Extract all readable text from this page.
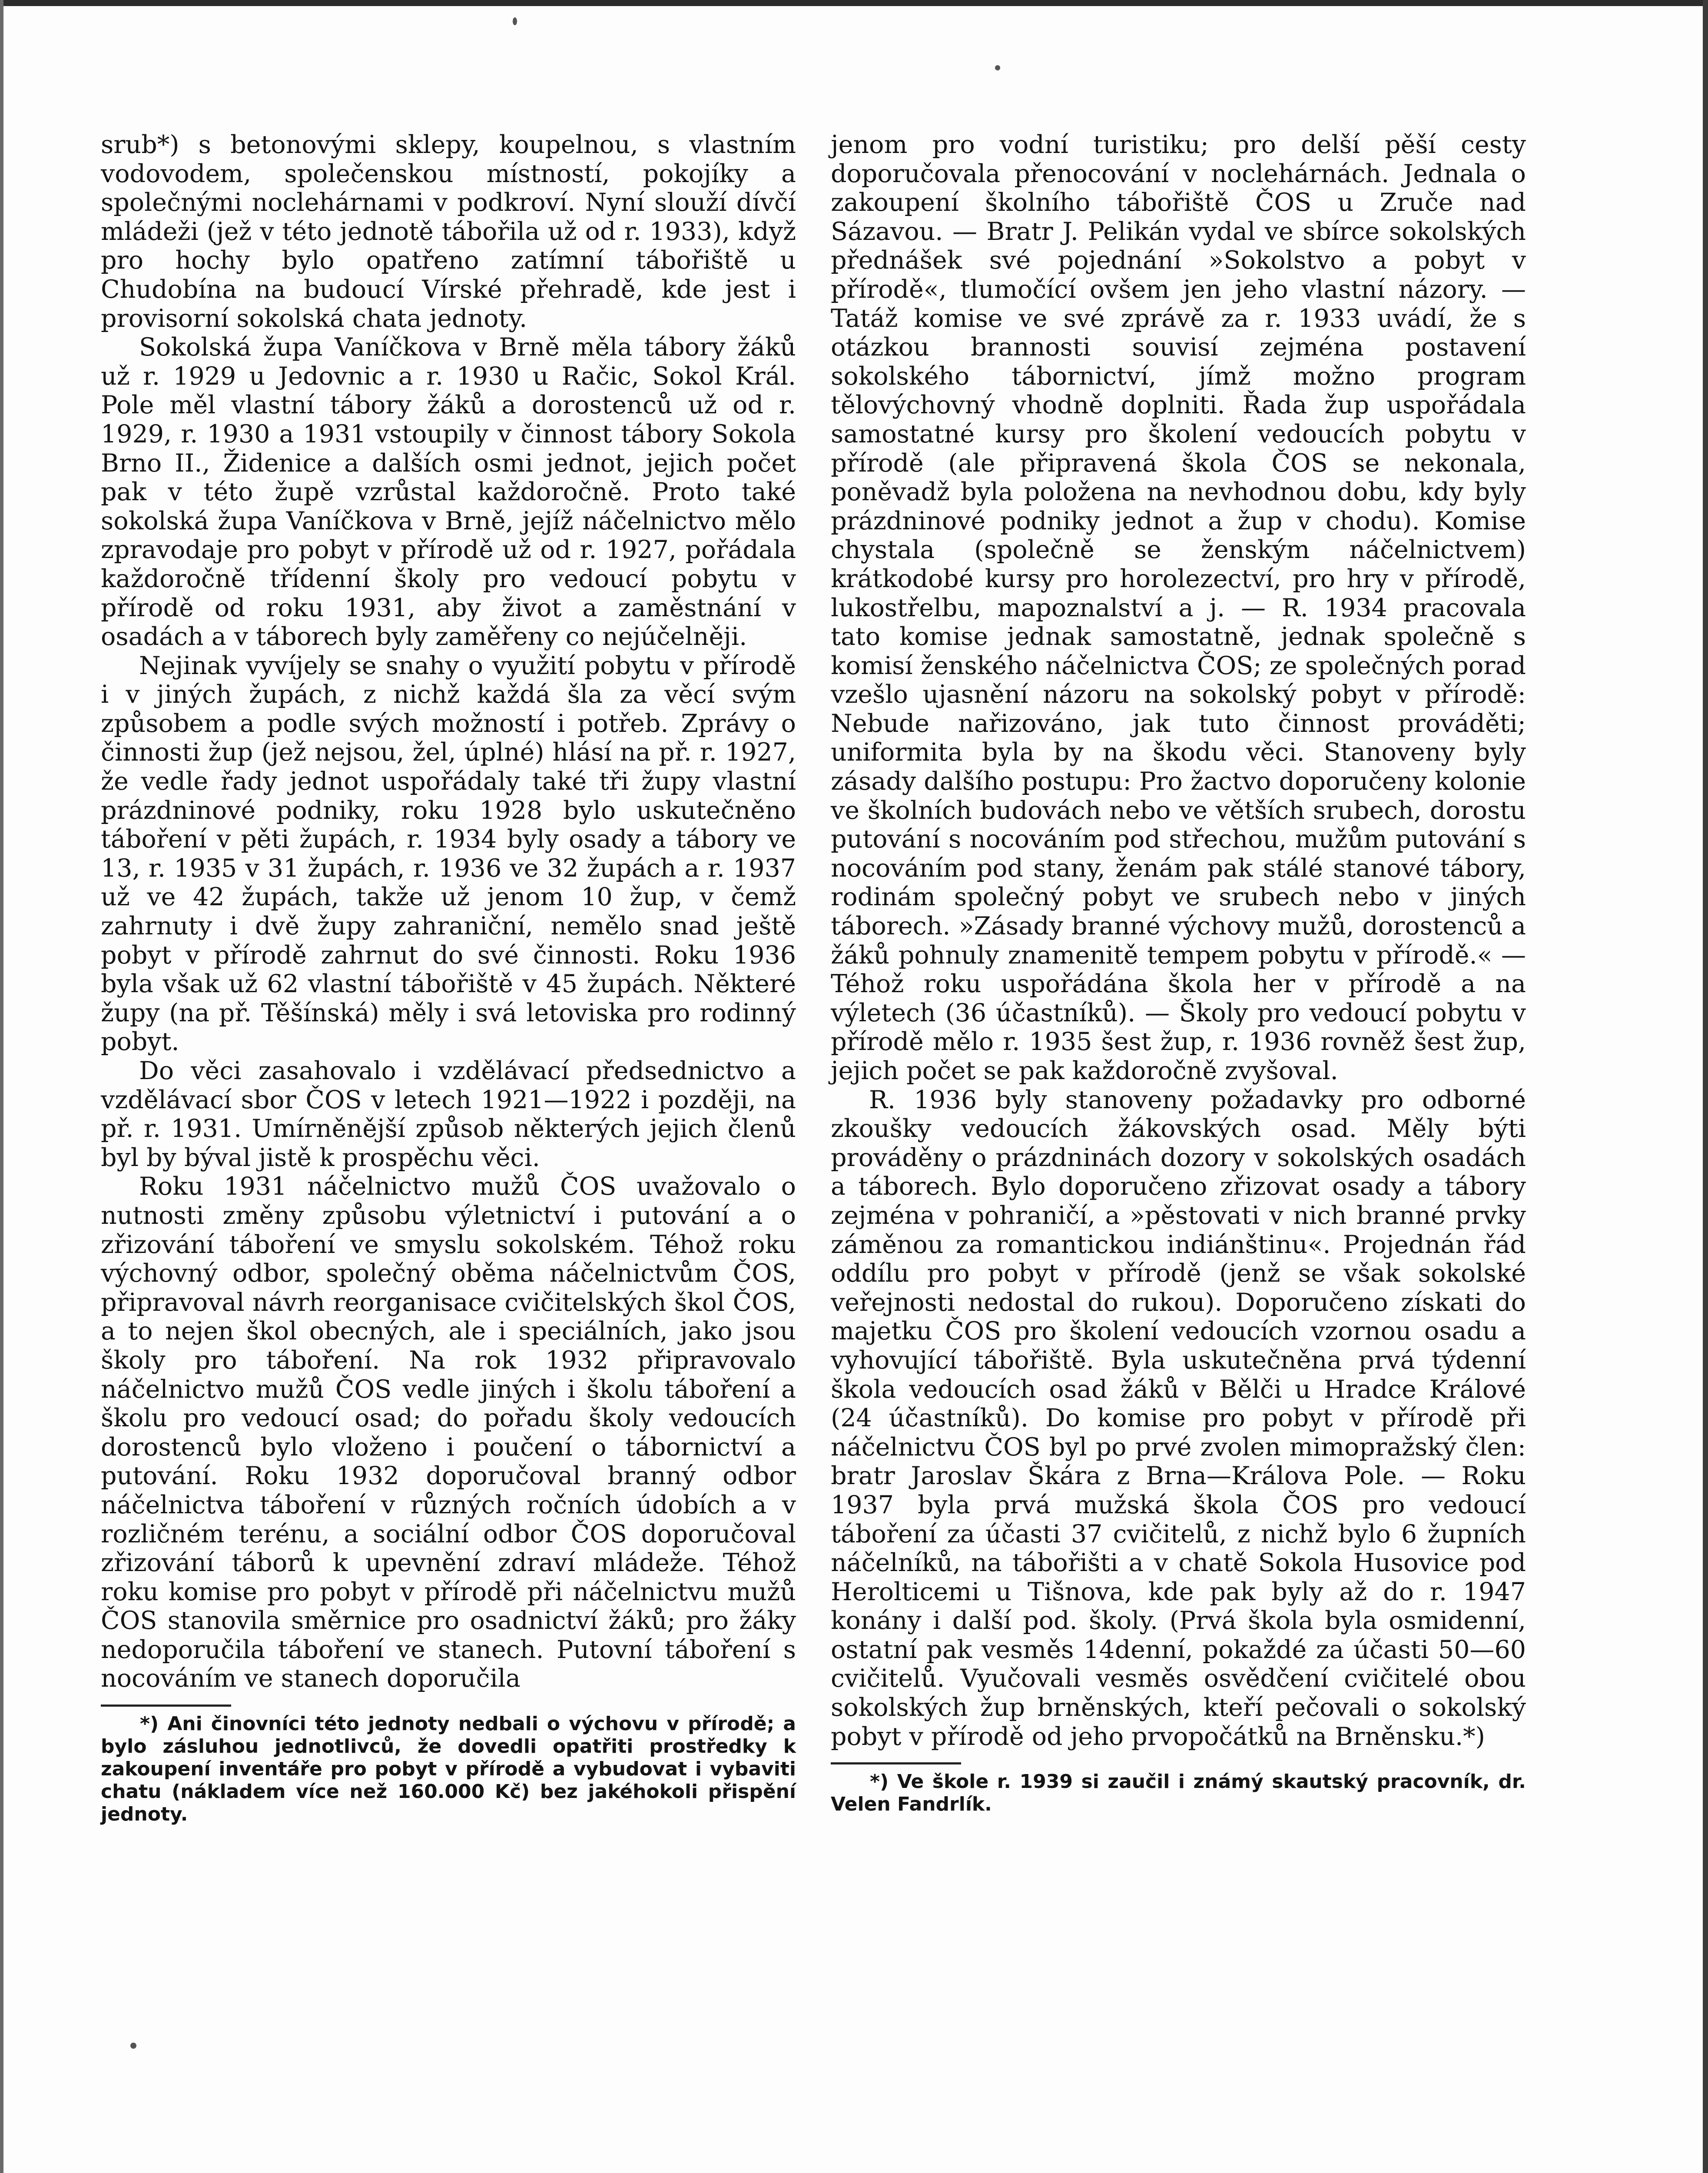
srub*) s betonovými sklepy, koupelnou, s vlastním vodovodem, společenskou místností, pokojíky a společnými noclehárnami v podkroví. Nyní slouží dívčí mládeži (jež v této jednotě tábořila už od r. 1933), když pro hochy bylo opatřeno zatímní tábořiště u Chudobína na budoucí Vírské přehradě, kde jest i provisorní sokolská chata jednoty.

Sokolská župa Vaníčkova v Brně měla tábory žáků už r. 1929 u Jedovnic a r. 1930 u Račic, Sokol Král. Pole měl vlastní tábory žáků a dorostenců už od r. 1929, r. 1930 a 1931 vstoupily v činnost tábory Sokola Brno II., Židenice a dalších osmi jednot, jejich počet pak v této župě vzrůstal každoročně. Proto také sokolská župa Vaníčkova v Brně, jejíž náčelnictvo mělo zpravodaje pro pobyt v přírodě už od r. 1927, pořádala každoročně třídenní školy pro vedoucí pobytu v přírodě od roku 1931, aby život a zaměstnání v osadách a v táborech byly zaměřeny co nejúčelněji.

Nejinak vyvíjely se snahy o využití pobytu v přírodě i v jiných župách, z nichž každá šla za věcí svým způsobem a podle svých možností i potřeb. Zprávy o činnosti žup (jež nejsou, žel, úplné) hlásí na př. r. 1927, že vedle řady jednot uspořádaly také tři župy vlastní prázdninové podniky, roku 1928 bylo uskutečněno táboření v pěti župách, r. 1934 byly osady a tábory ve 13, r. 1935 v 31 župách, r. 1936 ve 32 župách a r. 1937 už ve 42 župách, takže už jenom 10 žup, v čemž zahrnuty i dvě župy zahraniční, nemělo snad ještě pobyt v přírodě zahrnut do své činnosti. Roku 1936 byla však už 62 vlastní tábořiště v 45 župách. Některé župy (na př. Těšínská) měly i svá letoviska pro rodinný pobyt.

Do věci zasahovalo i vzdělávací předsednictvo a vzdělávací sbor ČOS v letech 1921—1922 i později, na př. r. 1931. Umírněnější způsob některých jejich členů byl by býval jistě k prospěchu věci.

Roku 1931 náčelnictvo mužů ČOS uvažovalo o nutnosti změny způsobu výletnictví i putování a o zřizování táboření ve smyslu sokolském. Téhož roku výchovný odbor, společný oběma náčelnictvům ČOS, připravoval návrh reorganisace cvičitelských škol ČOS, a to nejen škol obecných, ale i speciálních, jako jsou školy pro táboření. Na rok 1932 připravovalo náčelnictvo mužů ČOS vedle jiných i školu táboření a školu pro vedoucí osad; do pořadu školy vedoucích dorostenců bylo vloženo i poučení o tábornictví a putování. Roku 1932 doporučoval branný odbor náčelnictva táboření v různých ročních údobích a v rozličném terénu, a sociální odbor ČOS doporučoval zřizování táborů k upevnění zdraví mládeže. Téhož roku komise pro pobyt v přírodě při náčelnictvu mužů ČOS stanovila směrnice pro osadnictví žáků; pro žáky nedoporučila táboření ve stanech. Putovní táboření s nocováním ve stanech doporučila

*) Ani činovníci této jednoty nedbali o výchovu v přírodě; a bylo zásluhou jednotlivců, že dovedli opatřiti prostředky k zakoupení inventáře pro pobyt v přírodě a vybudovat i vybaviti chatu (nákladem více než 160.000 Kč) bez jakéhokoli přispění jednoty.

jenom pro vodní turistiku; pro delší pěší cesty doporučovala přenocování v noclehárnách. Jednala o zakoupení školního tábořiště ČOS u Zruče nad Sázavou. — Bratr J. Pelikán vydal ve sbírce sokolských přednášek své pojednání »Sokolstvo a pobyt v přírodě«, tlumočící ovšem jen jeho vlastní názory. — Tatáž komise ve své zprávě za r. 1933 uvádí, že s otázkou brannosti souvisí zejména postavení sokolského tábornictví, jímž možno program tělovýchovný vhodně doplniti. Řada žup uspořádala samostatné kursy pro školení vedoucích pobytu v přírodě (ale připravená škola ČOS se nekonala, poněvadž byla položena na nevhodnou dobu, kdy byly prázdninové podniky jednot a žup v chodu). Komise chystala (společně se ženským náčelnictvem) krátkodobé kursy pro horolezectví, pro hry v přírodě, lukostřelbu, mapoznalství a j. — R. 1934 pracovala tato komise jednak samostatně, jednak společně s komisí ženského náčelnictva ČOS; ze společných porad vzešlo ujasnění názoru na sokolský pobyt v přírodě: Nebude nařizováno, jak tuto činnost prováděti; uniformita byla by na škodu věci. Stanoveny byly zásady dalšího postupu: Pro žactvo doporučeny kolonie ve školních budovách nebo ve větších srubech, dorostu putování s nocováním pod střechou, mužům putování s nocováním pod stany, ženám pak stálé stanové tábory, rodinám společný pobyt ve srubech nebo v jiných táborech. »Zásady branné výchovy mužů, dorostenců a žáků pohnuly znamenitě tempem pobytu v přírodě.« — Téhož roku uspořádána škola her v přírodě a na výletech (36 účastníků). — Školy pro vedoucí pobytu v přírodě mělo r. 1935 šest žup, r. 1936 rovněž šest žup, jejich počet se pak každoročně zvyšoval.

R. 1936 byly stanoveny požadavky pro odborné zkoušky vedoucích žákovských osad. Měly býti prováděny o prázdninách dozory v sokolských osadách a táborech. Bylo doporučeno zřizovat osady a tábory zejména v pohraničí, a »pěstovati v nich branné prvky záměnou za romantickou indiánštinu«. Projednán řád oddílu pro pobyt v přírodě (jenž se však sokolské veřejnosti nedostal do rukou). Doporučeno získati do majetku ČOS pro školení vedoucích vzornou osadu a vyhovující tábořiště. Byla uskutečněna prvá týdenní škola vedoucích osad žáků v Bělči u Hradce Králové (24 účastníků). Do komise pro pobyt v přírodě při náčelnictvu ČOS byl po prvé zvolen mimopražský člen: bratr Jaroslav Škára z Brna—Králova Pole. — Roku 1937 byla prvá mužská škola ČOS pro vedoucí táboření za účasti 37 cvičitelů, z nichž bylo 6 župních náčelníků, na tábořišti a v chatě Sokola Husovice pod Herolticemi u Tišnova, kde pak byly až do r. 1947 konány i další pod. školy. (Prvá škola byla osmidenní, ostatní pak vesměs 14denní, pokaždé za účasti 50—60 cvičitelů. Vyučovali vesměs osvědčení cvičitelé obou sokolských žup brněnských, kteří pečovali o sokolský pobyt v přírodě od jeho prvopočátků na Brněnsku.*)

*) Ve škole r. 1939 si zaučil i známý skautský pracovník, dr. Velen Fandrlík.
